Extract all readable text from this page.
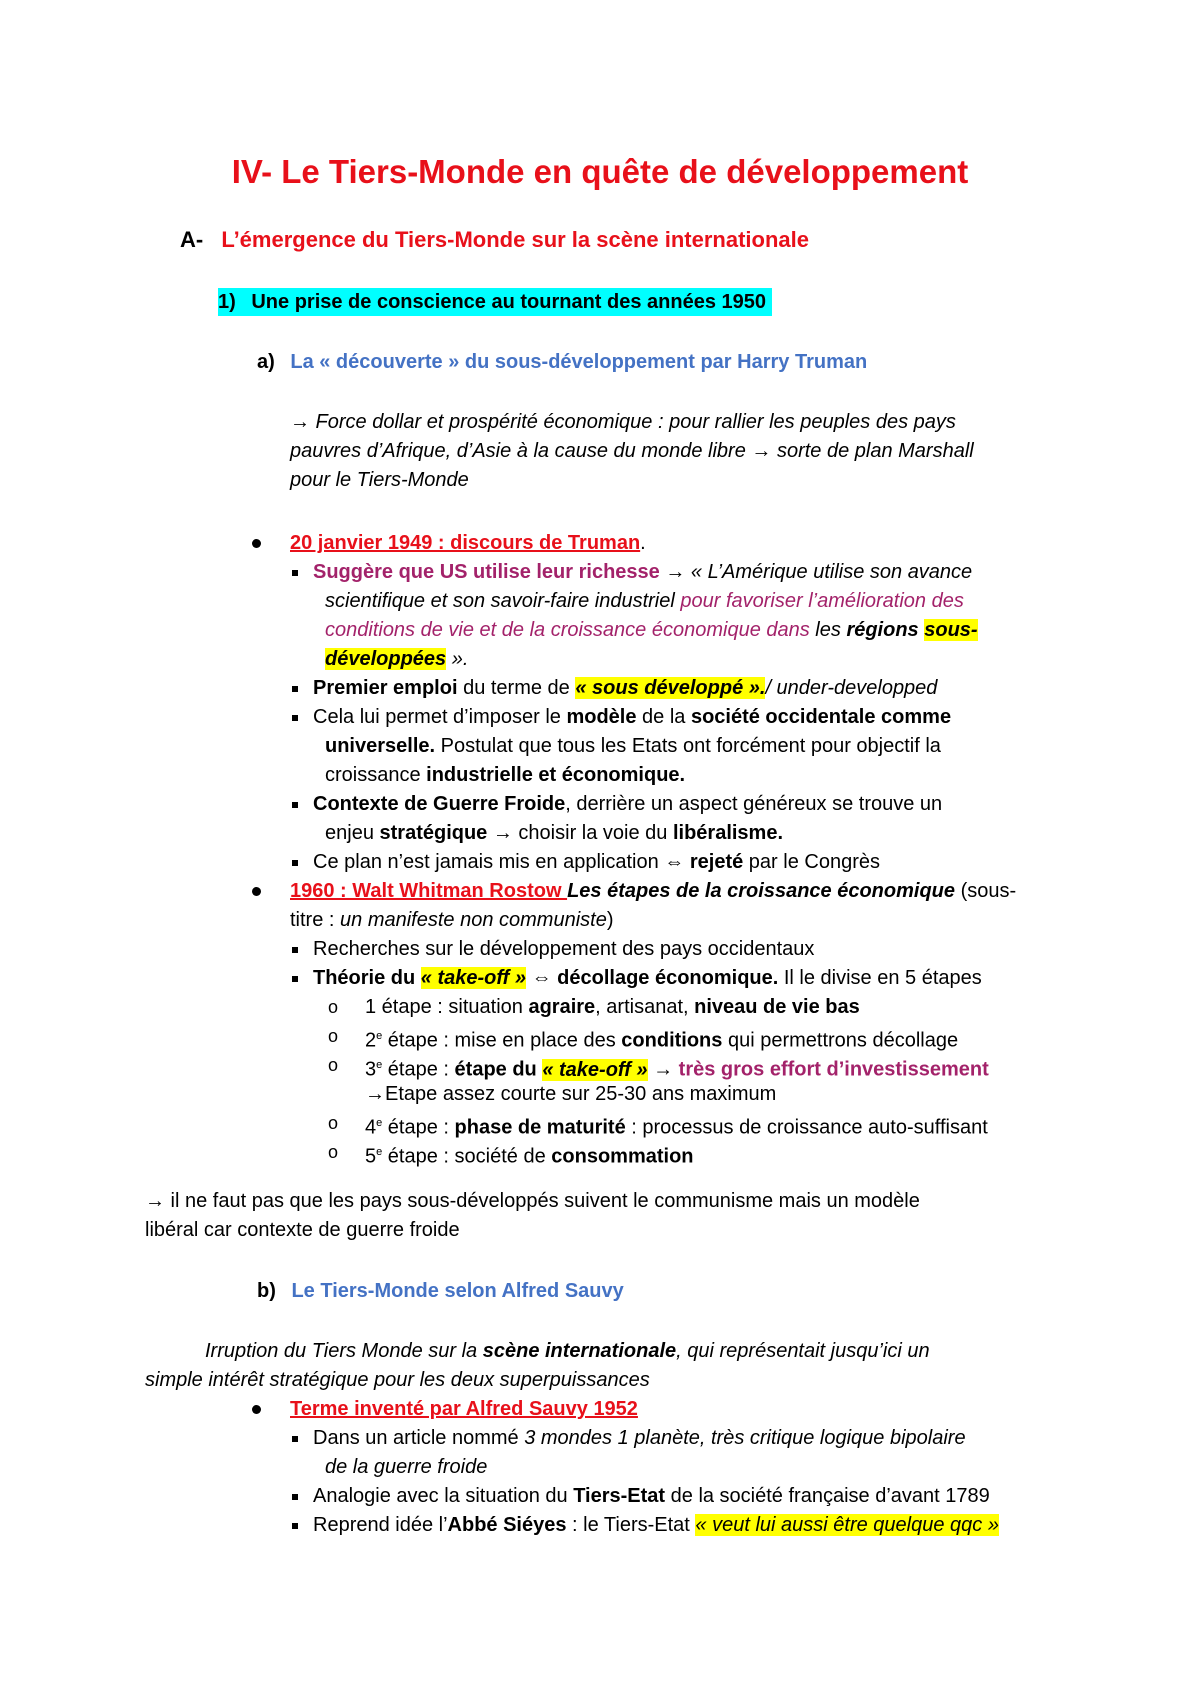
IV- Le Tiers-Monde en quête de développement
A- L’émergence du Tiers-Monde sur la scène internationale
1) Une prise de conscience au tournant des années 1950
a) La « découverte » du sous-développement par Harry Truman
→ Force dollar et prospérité économique : pour rallier les peuples des pays
pauvres d’Afrique, d’Asie à la cause du monde libre → sorte de plan Marshall
pour le Tiers-Monde
20 janvier 1949 : discours de Truman.
Suggère que US utilise leur richesse → « L’Amérique utilise son avance
scientifique et son savoir-faire industriel pour favoriser l’amélioration des
conditions de vie et de la croissance économique dans les régions sous-
développées ».
Premier emploi du terme de « sous développé »./ under-developped
Cela lui permet d’imposer le modèle de la société occidentale comme
universelle. Postulat que tous les Etats ont forcément pour objectif la
croissance industrielle et économique.
Contexte de Guerre Froide, derrière un aspect généreux se trouve un
enjeu stratégique → choisir la voie du libéralisme.
Ce plan n’est jamais mis en application ⇔ rejeté par le Congrès
1960 : Walt Whitman Rostow Les étapes de la croissance économique (sous-
titre : un manifeste non communiste)
Recherches sur le développement des pays occidentaux
Théorie du « take-off » ⇔ décollage économique. Il le divise en 5 étapes
o 1 étape : situation agraire, artisanat, niveau de vie bas
o 2e étape : mise en place des conditions qui permettrons décollage
o 3e étape : étape du « take-off » → très gros effort d’investissement
→Etape assez courte sur 25-30 ans maximum
o 4e étape : phase de maturité : processus de croissance auto-suffisant
o 5e étape : société de consommation
→ il ne faut pas que les pays sous-développés suivent le communisme mais un modèle
libéral car contexte de guerre froide
b) Le Tiers-Monde selon Alfred Sauvy
Irruption du Tiers Monde sur la scène internationale, qui représentait jusqu’ici un
simple intérêt stratégique pour les deux superpuissances
Terme inventé par Alfred Sauvy 1952
Dans un article nommé 3 mondes 1 planète, très critique logique bipolaire
de la guerre froide
Analogie avec la situation du Tiers-Etat de la société française d’avant 1789
Reprend idée l’Abbé Siéyes : le Tiers-Etat « veut lui aussi être quelque qqc »
